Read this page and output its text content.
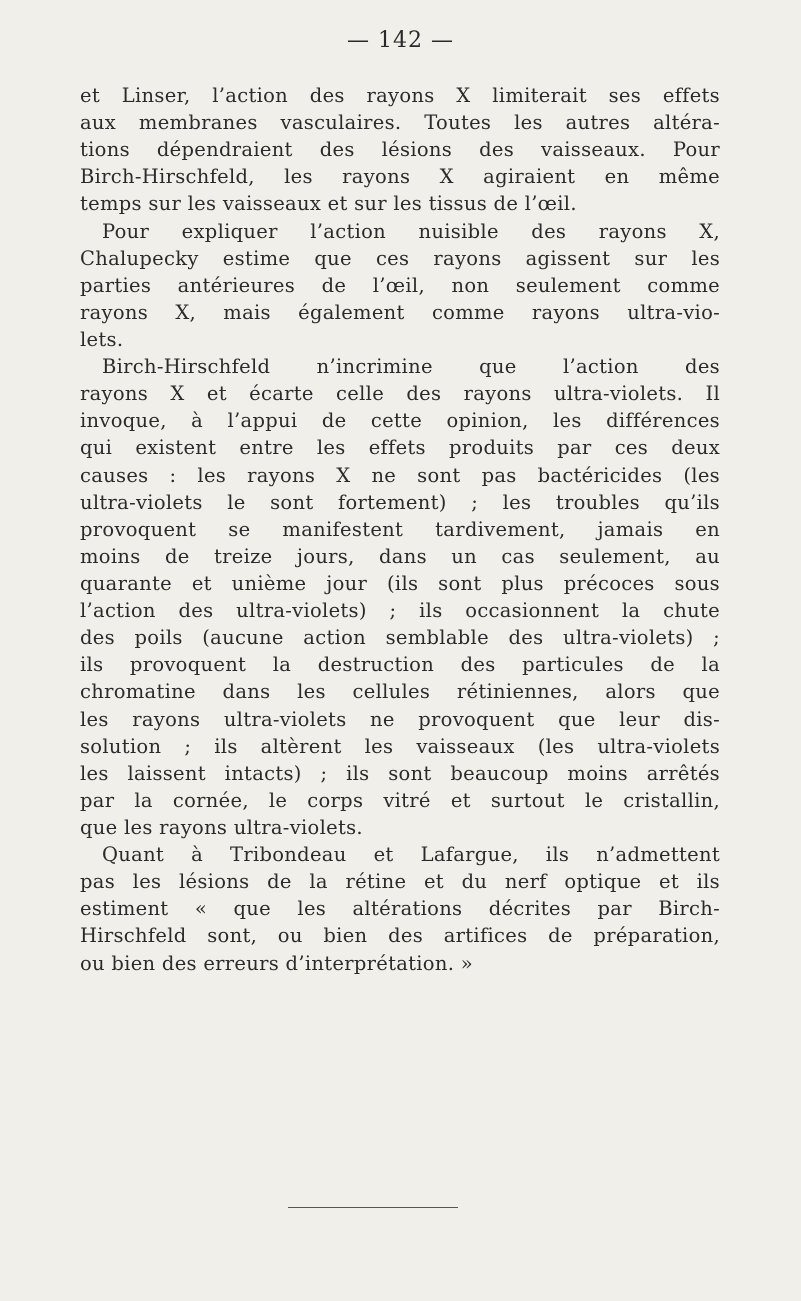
— 142 —
et Linser, l’action des rayons X limiterait ses effets
aux membranes vasculaires. Toutes les autres altéra-
tions dépendraient des lésions des vaisseaux. Pour
Birch-Hirschfeld, les rayons X agiraient en même
temps sur les vaisseaux et sur les tissus de l’œil.
Pour expliquer l’action nuisible des rayons X,
Chalupecky estime que ces rayons agissent sur les
parties antérieures de l’œil, non seulement comme
rayons X, mais également comme rayons ultra-vio-
lets.
Birch-Hirschfeld n’incrimine que l’action des
rayons X et écarte celle des rayons ultra-violets. Il
invoque, à l’appui de cette opinion, les différences
qui existent entre les effets produits par ces deux
causes : les rayons X ne sont pas bactéricides (les
ultra-violets le sont fortement) ; les troubles qu’ils
provoquent se manifestent tardivement, jamais en
moins de treize jours, dans un cas seulement, au
quarante et unième jour (ils sont plus précoces sous
l’action des ultra-violets) ; ils occasionnent la chute
des poils (aucune action semblable des ultra-violets) ;
ils provoquent la destruction des particules de la
chromatine dans les cellules rétiniennes, alors que
les rayons ultra-violets ne provoquent que leur dis-
solution ; ils altèrent les vaisseaux (les ultra-violets
les laissent intacts) ; ils sont beaucoup moins arrêtés
par la cornée, le corps vitré et surtout le cristallin,
que les rayons ultra-violets.
Quant à Tribondeau et Lafargue, ils n’admettent
pas les lésions de la rétine et du nerf optique et ils
estiment « que les altérations décrites par Birch-
Hirschfeld sont, ou bien des artifices de préparation,
ou bien des erreurs d’interprétation. »
